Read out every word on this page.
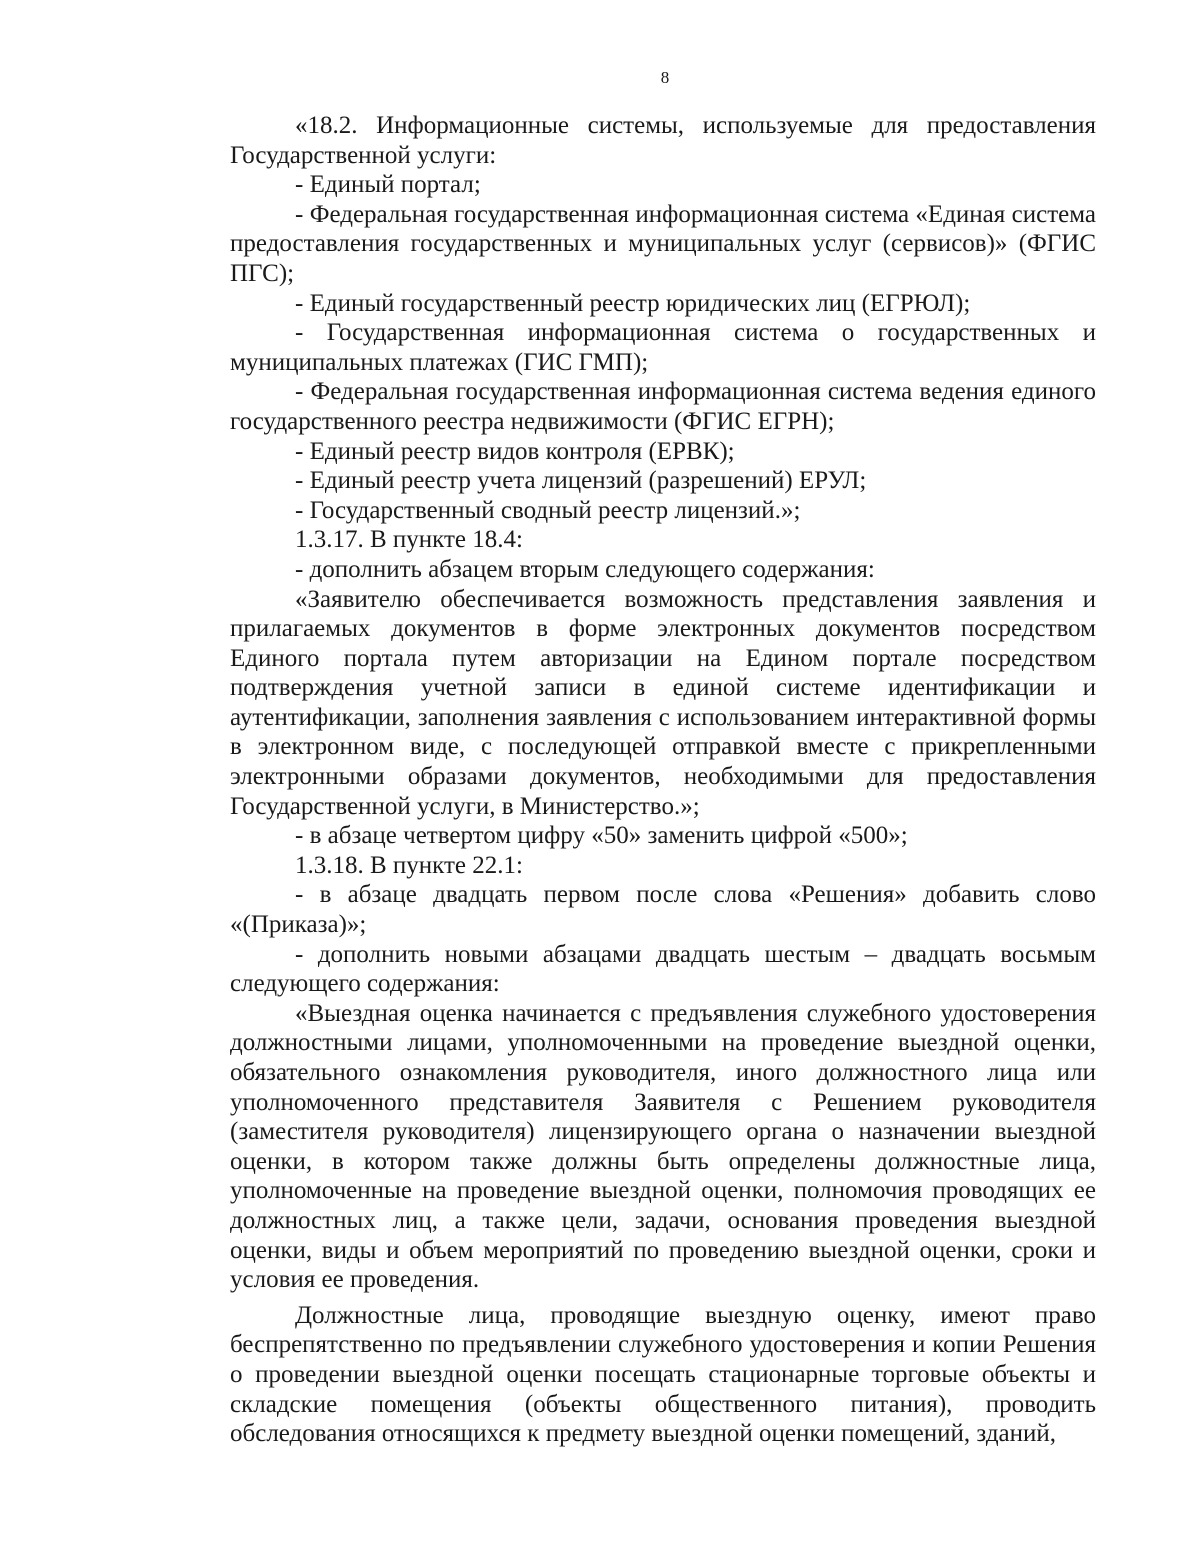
8

«18.2. Информационные системы, используемые для предоставления Государственной услуги:

- Единый портал;

- Федеральная государственная информационная система «Единая система предоставления государственных и муниципальных услуг (сервисов)» (ФГИС ПГС);

- Единый государственный реестр юридических лиц (ЕГРЮЛ);

- Государственная информационная система о государственных и муниципальных платежах (ГИС ГМП);

- Федеральная государственная информационная система ведения единого государственного реестра недвижимости (ФГИС ЕГРН);

- Единый реестр видов контроля (ЕРВК);

- Единый реестр учета лицензий (разрешений) ЕРУЛ;

- Государственный сводный реестр лицензий.»;

1.3.17. В пункте 18.4:

- дополнить абзацем вторым следующего содержания:

«Заявителю обеспечивается возможность представления заявления и прилагаемых документов в форме электронных документов посредством Единого портала путем авторизации на Едином портале посредством подтверждения учетной записи в единой системе идентификации и аутентификации, заполнения заявления с использованием интерактивной формы в электронном виде, с последующей отправкой вместе с прикрепленными электронными образами документов, необходимыми для предоставления Государственной услуги, в Министерство.»;

- в абзаце четвертом цифру «50» заменить цифрой «500»;

1.3.18. В пункте 22.1:

- в абзаце двадцать первом после слова «Решения» добавить слово «(Приказа)»;

- дополнить новыми абзацами двадцать шестым – двадцать восьмым следующего содержания:

«Выездная оценка начинается с предъявления служебного удостоверения должностными лицами, уполномоченными на проведение выездной оценки, обязательного ознакомления руководителя, иного должностного лица или уполномоченного представителя Заявителя с Решением руководителя (заместителя руководителя) лицензирующего органа о назначении выездной оценки, в котором также должны быть определены должностные лица, уполномоченные на проведение выездной оценки, полномочия проводящих ее должностных лиц, а также цели, задачи, основания проведения выездной оценки, виды и объем мероприятий по проведению выездной оценки, сроки и условия ее проведения.

Должностные лица, проводящие выездную оценку, имеют право беспрепятственно по предъявлении служебного удостоверения и копии Решения о проведении выездной оценки посещать стационарные торговые объекты и складские помещения (объекты общественного питания), проводить обследования относящихся к предмету выездной оценки помещений, зданий,
